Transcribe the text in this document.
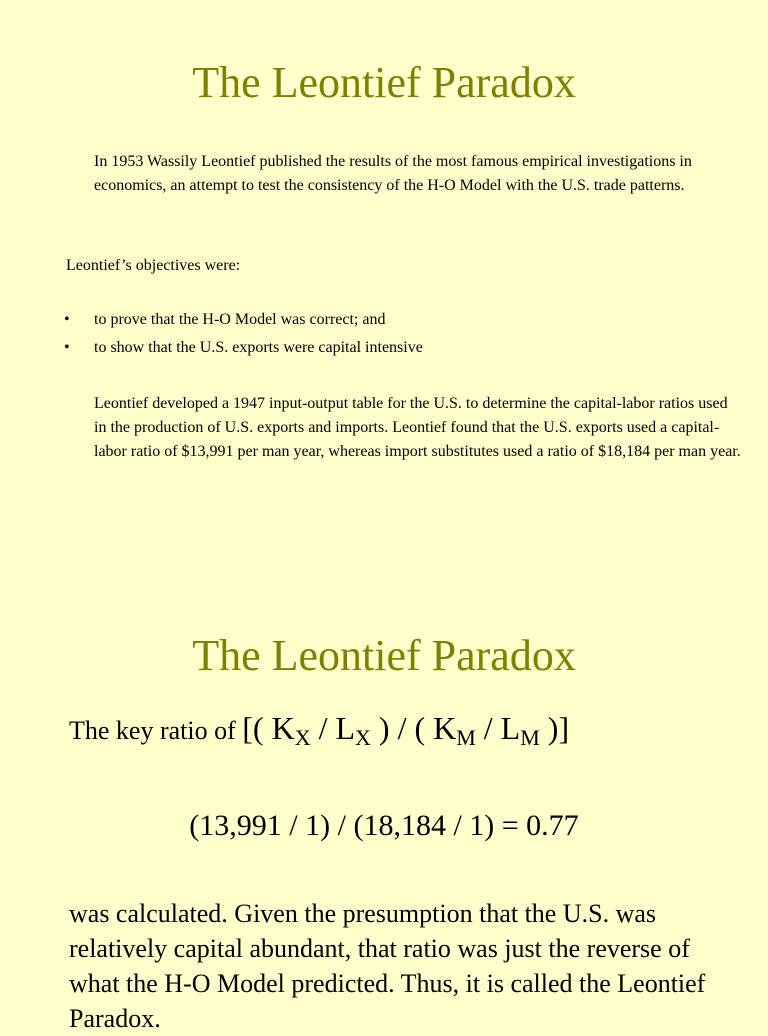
The Leontief Paradox

In 1953 Wassily Leontief published the results of the most famous empirical investigations in economics, an attempt to test the consistency of the H-O Model with the U.S. trade patterns.

Leontief’s objectives were:
• to prove that the H-O Model was correct; and
• to show that the U.S. exports were capital intensive

Leontief developed a 1947 input-output table for the U.S. to determine the capital-labor ratios used in the production of U.S. exports and imports. Leontief found that the U.S. exports used a capital-labor ratio of $13,991 per man year, whereas import substitutes used a ratio of $18,184 per man year.

The Leontief Paradox
The key ratio of [( $K_X / L_X$ ) / ( $K_M / L_M$ )]
(13,991 / 1) / (18,184 / 1) = 0.77

was calculated. Given the presumption that the U.S. was relatively capital abundant, that ratio was just the reverse of what the H-O Model predicted. Thus, it is called the Leontief Paradox.
